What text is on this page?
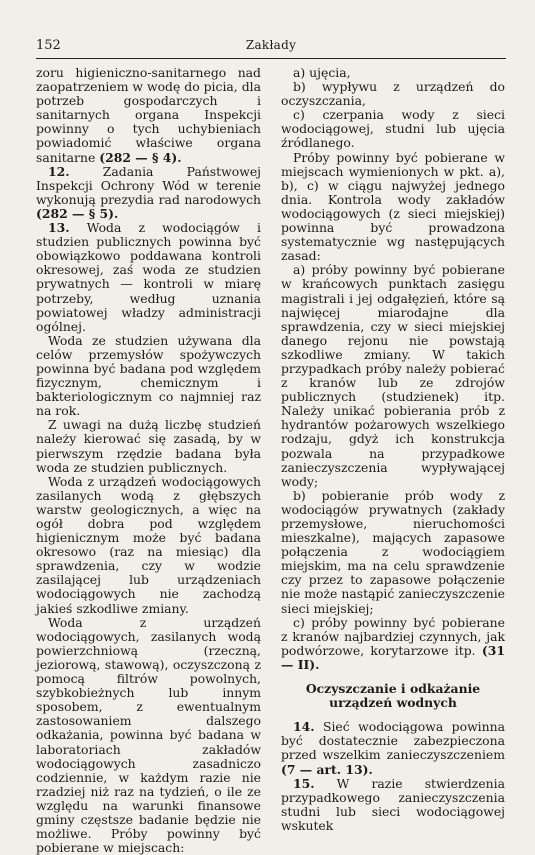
152	Zakłady

zoru higieniczno-sanitarnego nad zaopatrzeniem w wodę do picia, dla potrzeb gospodarczych i sanitarnych organa Inspekcji powinny o tych uchybieniach powiadomić właściwe organa sanitarne (282 — § 4).

12.	Zadania Państwowej Inspekcji Ochrony Wód w terenie wykonują prezydia rad narodowych (282 — § 5).

13. Woda z wodociągów i studzien publicznych powinna być obowiązkowo poddawana kontroli okresowej, zaś woda ze studzien prywatnych — kontroli w miarę potrzeby, według uznania powiatowej władzy administracji ogólnej.

Woda ze studzien używana dla celów przemysłów spożywczych powinna być badana pod względem fizycznym, chemicznym i bakteriologicznym co najmniej raz na rok.

Z uwagi na dużą liczbę studzień należy kierować się zasadą, by w pierwszym rzędzie badana była woda ze studzien publicznych.

Woda z urządzeń wodociągowych zasilanych wodą z głębszych warstw geologicznych, a więc na ogół dobra pod względem higienicznym może być badana okresowo (raz na miesiąc) dla sprawdzenia, czy w wodzie zasilającej lub urządzeniach wodociągowych nie zachodzą jakieś szkodliwe zmiany.

Woda z urządzeń wodociągowych, zasilanych wodą powierzchniową (rzeczną, jeziorową, stawową), oczyszczoną z pomocą filtrów powolnych, szybkobieżnych lub innym sposobem, z ewentualnym zastosowaniem dalszego odkażania, powinna być badana w laboratoriach zakładów wodociągowych zasadniczo codziennie, w każdym razie nie rzadziej niż raz na tydzień, o ile ze względu na warunki finansowe gminy częstsze badanie będzie nie możliwe. Próby powinny być pobierane w miejscach:

a) ujęcia,

b) wypływu z urządzeń do oczyszczania,

c) czerpania wody z sieci wodociągowej, studni lub ujęcia źródlanego.

Próby powinny być pobierane w miejscach wymienionych w pkt. a), b), c) w ciągu najwyżej jednego dnia. Kontrola wody zakładów wodociągowych (z sieci miejskiej) powinna być prowadzona systematycznie wg następujących zasad:

a) próby powinny być pobierane w krańcowych punktach zasięgu magistrali i jej odgałęzień, które są najwięcej miarodajne dla sprawdzenia, czy w sieci miejskiej danego rejonu nie powstają szkodliwe zmiany. W takich przypadkach próby należy pobierać z kranów lub ze zdrojów publicznych (studzienek) itp. Należy unikać pobierania prób z hydrantów pożarowych wszelkiego rodzaju, gdyż ich konstrukcja pozwala na przypadkowe zanieczyszczenia wypływającej wody;

b) pobieranie prób wody z wodociągów prywatnych (zakłady przemysłowe, nieruchomości mieszkalne), mających zapasowe połączenia z wodociągiem miejskim, ma na celu sprawdzenie czy przez to zapasowe połączenie nie może nastąpić zanieczyszczenie sieci miejskiej;

c) próby powinny być pobierane z kranów najbardziej czynnych, jak podwórzowe, korytarzowe itp. (31 — II).

Oczyszczanie i odkażanie urządzeń wodnych

14. Sieć wodociągowa powinna być dostatecznie zabezpieczona przed wszelkim zanieczyszczeniem (7 — art. 13).

15. W razie stwierdzenia przypadkowego zanieczyszczenia studni lub sieci wodociągowej wskutek
